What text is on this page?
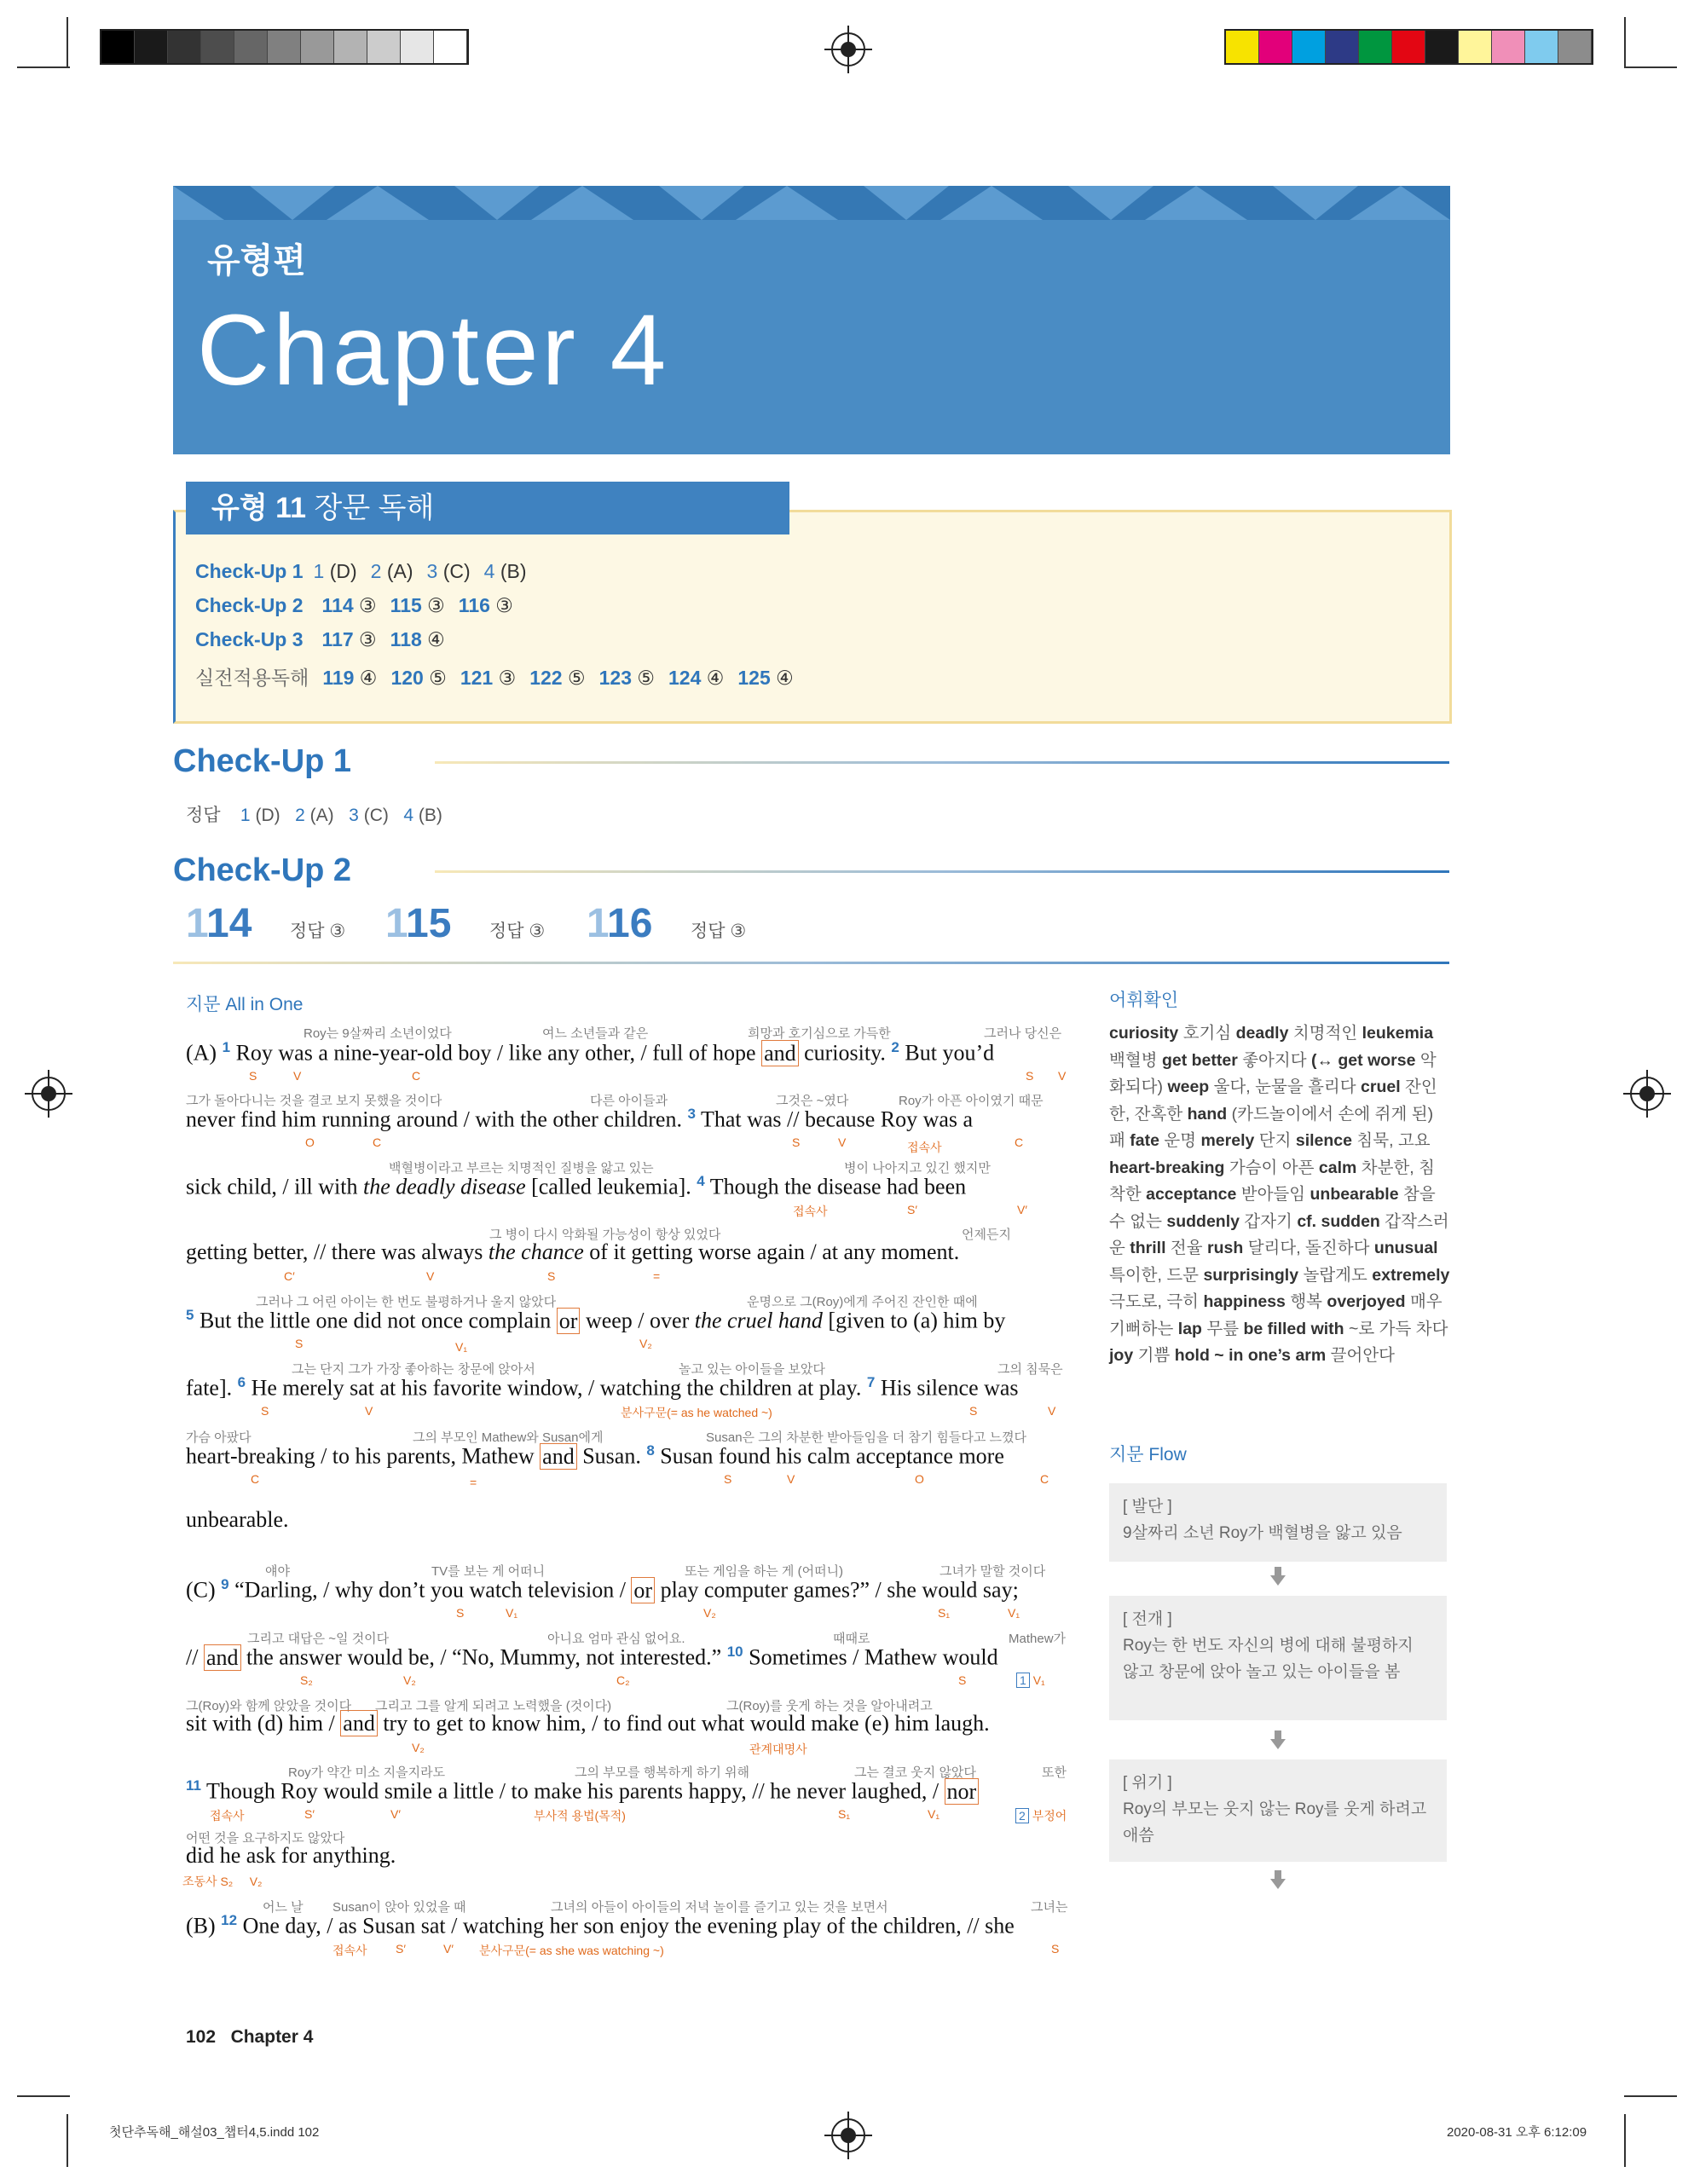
유형편
Chapter 4
유형 11 장문 독해
Check-Up 1 1 (D) 2 (A) 3 (C) 4 (B)
Check-Up 2 114 ③ 115 ③ 116 ③
Check-Up 3 117 ③ 118 ④
실전적용독해 119 ④ 120 ⑤ 121 ③ 122 ⑤ 123 ⑤ 124 ④ 125 ④
Check-Up 1
정답 1 (D) 2 (A) 3 (C) 4 (B)
Check-Up 2
114 정답 ③ 115 정답 ③ 116 정답 ③
지문 All in One
Roy는 9살짜리 소년이었다	여느 소년들과 같은	희망과 호기심으로 가득한	그러나 당신은
(A) $^1$ Roy was a nine-year-old boy / like any other, / full of hope and curiosity. $^2$ But you’d
S	V	C	S V
그가 돌아다니는 것을 결코 보지 못했을 것이다	다른 아이들과	그것은 ~였다	Roy가 아픈 아이였기 때문
never find him running around / with the other children. $^3$ That was // because Roy was a
O	C	S	V	접속사	C
백혈병이라고 부르는 치명적인 질병을 앓고 있는	병이 나아지고 있긴 했지만
sick child, / ill with the deadly disease [called leukemia]. $^4$ Though the disease had been
접속사	S′	V′
그 병이 다시 악화될 가능성이 항상 있었다	언제든지
getting better, // there was always the chance of it getting worse again / at any moment.
C′	V	S	=
그러나 그 어린 아이는 한 번도 불평하거나 울지 않았다	운명으로 그(Roy)에게 주어진 잔인한 때에
$^5$ But the little one did not once complain or weep / over the cruel hand [given to (a) him by
S	V₁	V₂
그는 단지 그가 가장 좋아하는 창문에 앉아서	놀고 있는 아이들을 보았다	그의 침묵은
fate]. $^6$ He merely sat at his favorite window, / watching the children at play. $^7$ His silence was
S	V	분사구문(= as he watched ~)	S	V
가슴 아팠다	그의 부모인 Mathew와 Susan에게	Susan은 그의 차분한 받아들임을 더 참기 힘들다고 느꼈다
heart-breaking / to his parents, Mathew and Susan. $^8$ Susan found his calm acceptance more
C	=	S	V	O	C
unbearable.
얘야	TV를 보는 게 어떠니	또는 게임을 하는 게 (어떠니)	그녀가 말할 것이다
(C) $^9$ “Darling, / why don’t you watch television / or play computer games?” / she would say;
S	V₁	V₂	S₁	V₁
그리고 대답은 ~일 것이다	아니요 엄마 관심 없어요.	때때로	Mathew가
// and the answer would be, / “No, Mummy, not interested.” $^{10}$ Sometimes / Mathew would
S₂	V₂	C₂	S	1 V₁
그(Roy)와 함께 앉았을 것이다 그리고 그를 알게 되려고 노력했을 (것이다)	그(Roy)를 웃게 하는 것을 알아내려고
sit with (d) him / and try to get to know him, / to find out what would make (e) him laugh.
V₂	관계대명사
Roy가 약간 미소 지을지라도	그의 부모를 행복하게 하기 위해	그는 결코 웃지 않았다	또한
$^{11}$ Though Roy would smile a little / to make his parents happy, // he never laughed, / nor
접속사	S′	V′	부사적 용법(목적)	S₁	V₁	2 부정어
어떤 것을 요구하지도 않았다
did he ask for anything.
조동사 S₂ V₂
어느 날 Susan이 앉아 있었을 때	그녀의 아들이 아이들의 저녁 놀이를 즐기고 있는 것을 보면서	그녀는
(B) $^{12}$ One day, / as Susan sat / watching her son enjoy the evening play of the children, // she
접속사 S′	V′ 분사구문(= as she was watching ~)	S
어휘확인
curiosity 호기심 deadly 치명적인 leukemia 백혈병 get better 좋아지다 (↔ get worse 악화되다) weep 울다, 눈물을 흘리다 cruel 잔인한, 잔혹한 hand (카드놀이에서 손에 쥐게 된) 패 fate 운명 merely 단지 silence 침묵, 고요 heart-breaking 가슴이 아픈 calm 차분한, 침착한 acceptance 받아들임 unbearable 참을 수 없는 suddenly 갑자기 cf. sudden 갑작스러운 thrill 전율 rush 달리다, 돌진하다 unusual 특이한, 드문 surprisingly 놀랍게도 extremely 극도로, 극히 happiness 행복 overjoyed 매우 기뻐하는 lap 무릎 be filled with ~로 가득 차다 joy 기쁨 hold ~ in one’s arm 끌어안다
지문 Flow
[ 발단 ]
9살짜리 소년 Roy가 백혈병을 앓고 있음
[ 전개 ]
Roy는 한 번도 자신의 병에 대해 불평하지 않고 창문에 앉아 놀고 있는 아이들을 봄
[ 위기 ]
Roy의 부모는 웃지 않는 Roy를 웃게 하려고 애씀
102 Chapter 4
첫단추독해_해설03_챕터4,5.indd 102	2020-08-31 오후 6:12:09
